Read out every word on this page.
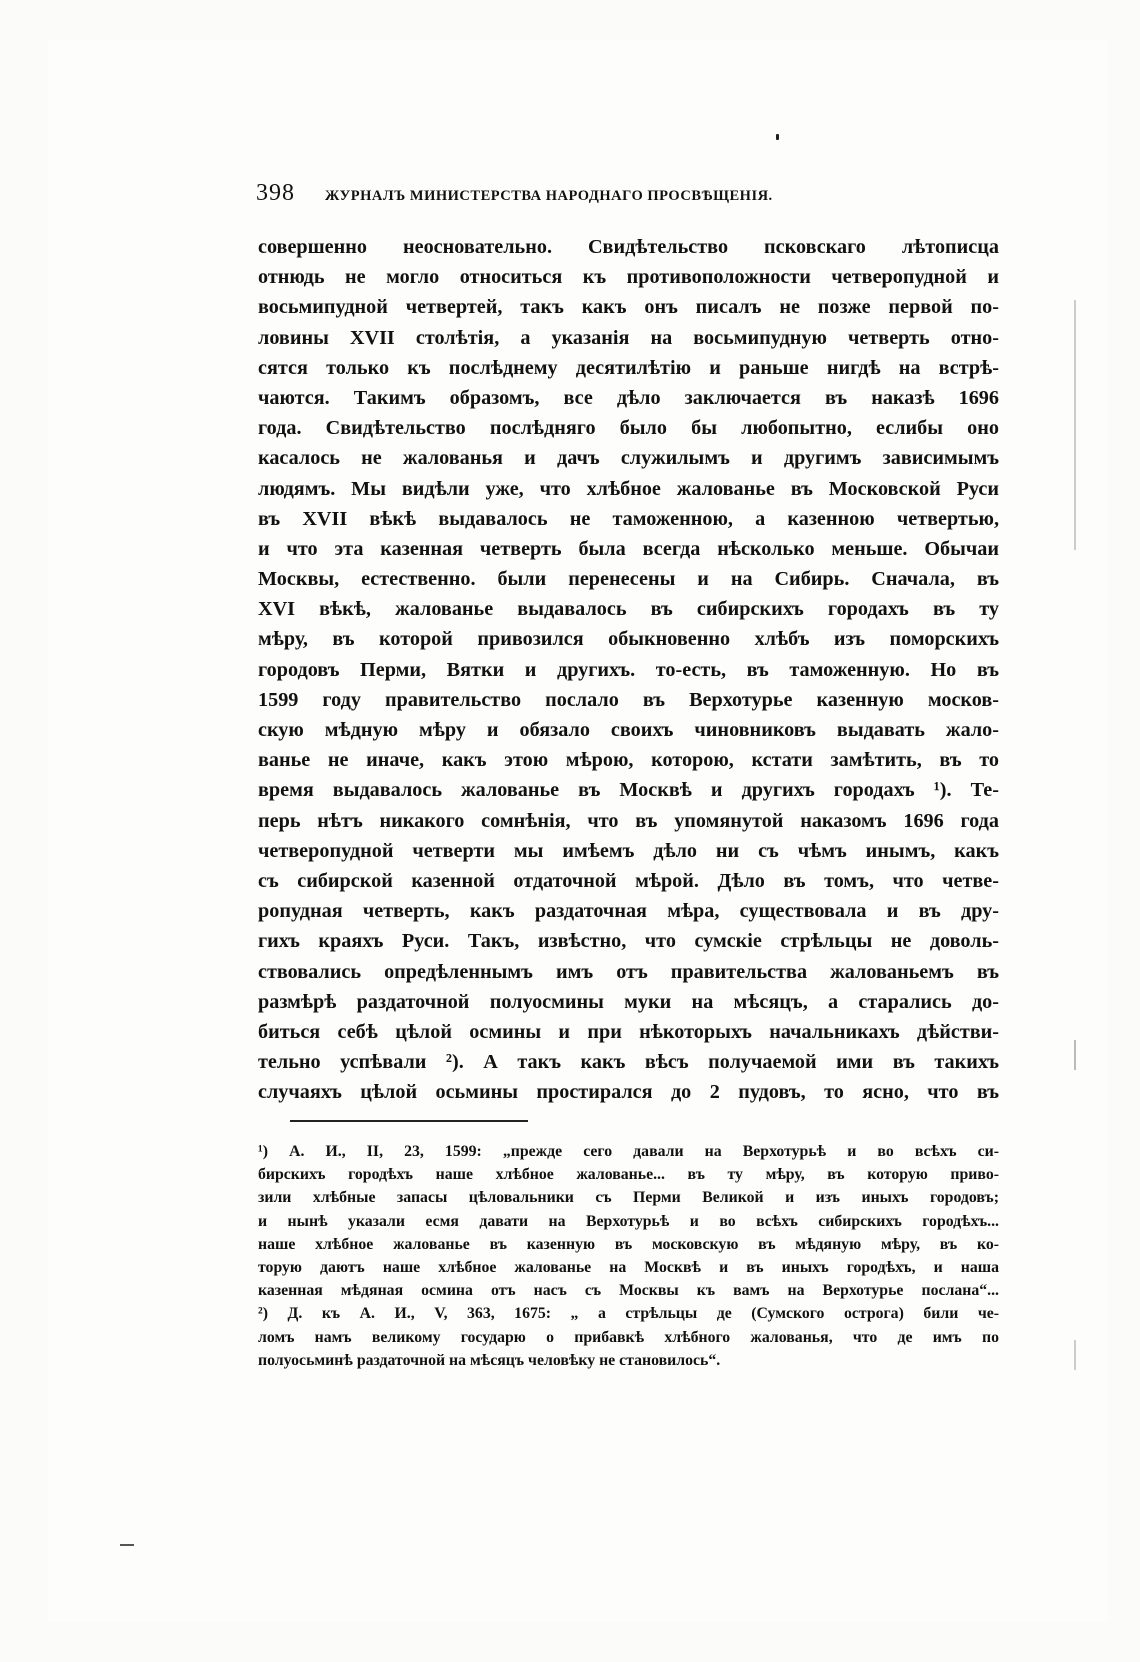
398 ЖУРНАЛЪ МИНИСТЕРСТВА НАРОДНАГО ПРОСВѢЩЕНІЯ.
совершенно неосновательно. Свидѣтельство псковскаго лѣтописца
отнюдь не могло относиться къ противоположности четверопудной и
восьмипудной четвертей, такъ какъ онъ писалъ не позже первой по-
ловины XVII столѣтія, а указанія на восьмипудную четверть отно-
сятся только къ послѣднему десятилѣтію и раньше нигдѣ на встрѣ-
чаются. Такимъ образомъ, все дѣло заключается въ наказѣ 1696
года. Свидѣтельство послѣдняго было бы любопытно, еслибы оно
касалось не жалованья и дачъ служилымъ и другимъ зависимымъ
людямъ. Мы видѣли уже, что хлѣбное жалованье въ Московской Руси
въ XVII вѣкѣ выдавалось не таможенною, а казенною четвертью,
и что эта казенная четверть была всегда нѣсколько меньше. Обычаи
Москвы, естественно. были перенесены и на Сибирь. Сначала, въ
XVI вѣкѣ, жалованье выдавалось въ сибирскихъ городахъ въ ту
мѣру, въ которой привозился обыкновенно хлѣбъ изъ поморскихъ
городовъ Перми, Вятки и другихъ. то-есть, въ таможенную. Но въ
1599 году правительство послало въ Верхотурье казенную москов-
скую мѣдную мѣру и обязало своихъ чиновниковъ выдавать жало-
ванье не иначе, какъ этою мѣрою, которою, кстати замѣтить, въ то
время выдавалось жалованье въ Москвѣ и другихъ городахъ ¹). Те-
перь нѣтъ никакого сомнѣнія, что въ упомянутой наказомъ 1696 года
четверопудной четверти мы имѣемъ дѣло ни съ чѣмъ инымъ, какъ
съ сибирской казенной отдаточной мѣрой. Дѣло въ томъ, что четве-
ропудная четверть, какъ раздаточная мѣра, существовала и въ дру-
гихъ краяхъ Руси. Такъ, извѣстно, что сумскіе стрѣльцы не доволь-
ствовались опредѣленнымъ имъ отъ правительства жалованьемъ въ
размѣрѣ раздаточной полуосмины муки на мѣсяцъ, а старались до-
биться себѣ цѣлой осмины и при нѣкоторыхъ начальникахъ дѣйстви-
тельно успѣвали ²). А такъ какъ вѣсъ получаемой ими въ такихъ
случаяхъ цѣлой осьмины простирался до 2 пудовъ, то ясно, что въ
¹) А. И., II, 23, 1599: „прежде сего давали на Верхотурьѣ и во всѣхъ си-
бирскихъ городѣхъ наше хлѣбное жалованье... въ ту мѣру, въ которую приво-
зили хлѣбные запасы цѣловальники съ Перми Великой и изъ иныхъ городовъ;
и нынѣ указали есмя давати на Верхотурьѣ и во всѣхъ сибирскихъ городѣхъ...
наше хлѣбное жалованье въ казенную въ московскую въ мѣдяную мѣру, въ ко-
торую даютъ наше хлѣбное жалованье на Москвѣ и въ иныхъ городѣхъ, и наша
казенная мѣдяная осмина отъ насъ съ Москвы къ вамъ на Верхотурье послана“...
²) Д. къ А. И., V, 363, 1675: „ а стрѣльцы де (Сумского острога) били че-
ломъ намъ великому государю о прибавкѣ хлѣбного жалованья, что де имъ по
полуосьминѣ раздаточной на мѣсяцъ человѣку не становилось“.
